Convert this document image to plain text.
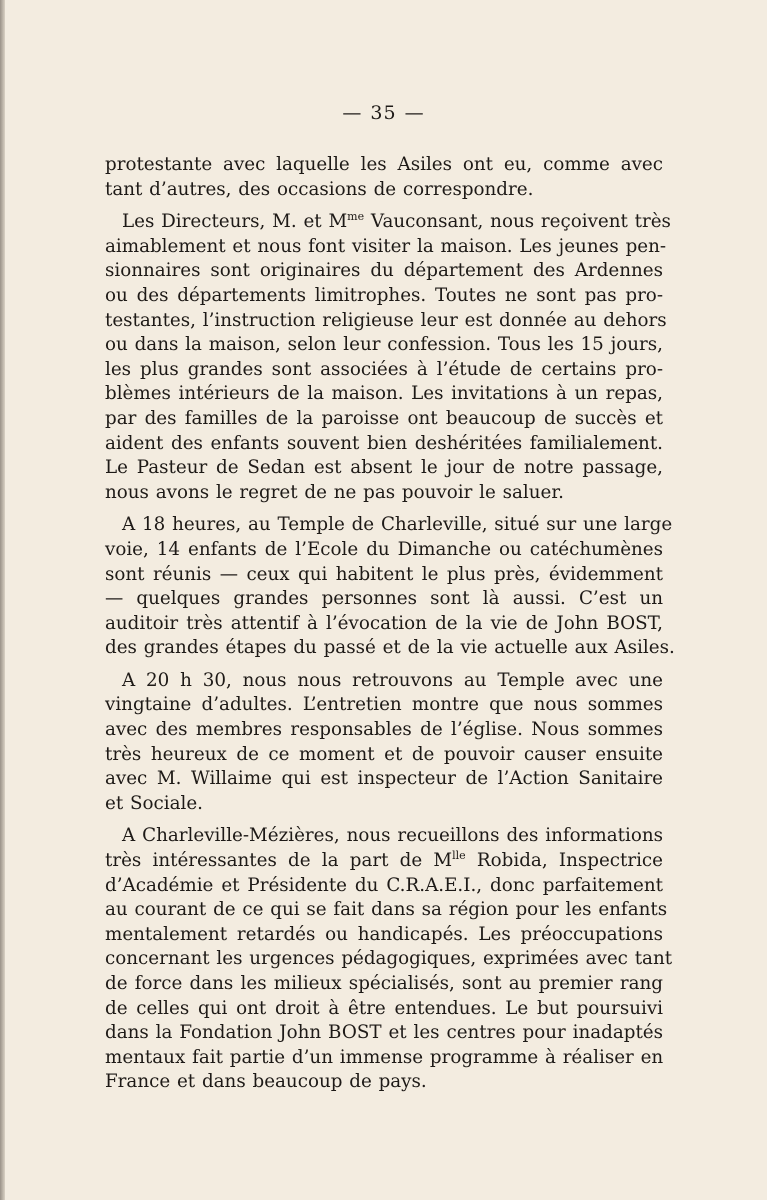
— 35 —
protestante avec laquelle les Asiles ont eu, comme avec
tant d’autres, des occasions de correspondre.
Les Directeurs, M. et $M^{me}$ Vauconsant, nous reçoivent très
aimablement et nous font visiter la maison. Les jeunes pen-
sionnaires sont originaires du département des Ardennes
ou des départements limitrophes. Toutes ne sont pas pro-
testantes, l’instruction religieuse leur est donnée au dehors
ou dans la maison, selon leur confession. Tous les 15 jours,
les plus grandes sont associées à l’étude de certains pro-
blèmes intérieurs de la maison. Les invitations à un repas,
par des familles de la paroisse ont beaucoup de succès et
aident des enfants souvent bien deshéritées familialement.
Le Pasteur de Sedan est absent le jour de notre passage,
nous avons le regret de ne pas pouvoir le saluer.
A 18 heures, au Temple de Charleville, situé sur une large
voie, 14 enfants de l’Ecole du Dimanche ou catéchumènes
sont réunis — ceux qui habitent le plus près, évidemment
— quelques grandes personnes sont là aussi. C’est un
auditoir très attentif à l’évocation de la vie de John BOST,
des grandes étapes du passé et de la vie actuelle aux Asiles.
A 20 h 30, nous nous retrouvons au Temple avec une
vingtaine d’adultes. L’entretien montre que nous sommes
avec des membres responsables de l’église. Nous sommes
très heureux de ce moment et de pouvoir causer ensuite
avec M. Willaime qui est inspecteur de l’Action Sanitaire
et Sociale.
A Charleville-Mézières, nous recueillons des informations
très intéressantes de la part de $M^{lle}$ Robida, Inspectrice
d’Académie et Présidente du C.R.A.E.I., donc parfaitement
au courant de ce qui se fait dans sa région pour les enfants
mentalement retardés ou handicapés. Les préoccupations
concernant les urgences pédagogiques, exprimées avec tant
de force dans les milieux spécialisés, sont au premier rang
de celles qui ont droit à être entendues. Le but poursuivi
dans la Fondation John BOST et les centres pour inadaptés
mentaux fait partie d’un immense programme à réaliser en
France et dans beaucoup de pays.
